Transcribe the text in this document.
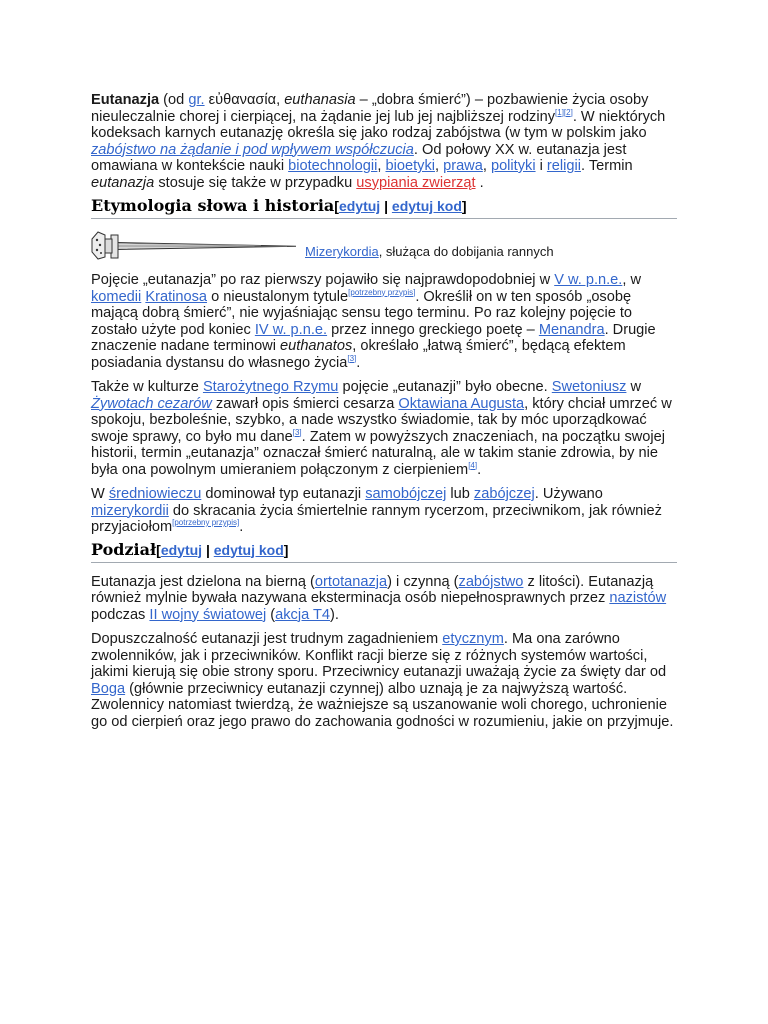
Eutanazja (od gr. εὐθανασία, euthanasia – „dobra śmierć”) – pozbawienie życia osoby nieuleczalnie chorej i cierpiącej, na żądanie jej lub jej najbliższej rodziny[1][2]. W niektórych kodeksach karnych eutanazję określa się jako rodzaj zabójstwa (w tym w polskim jako zabójstwo na żądanie i pod wpływem współczucia. Od połowy XX w. eutanazja jest omawiana w kontekście nauki biotechnologii, bioetyki, prawa, polityki i religii. Termin eutanazja stosuje się także w przypadku usypiania zwierząt .

Etymologia słowa i historia[edytuj | edytuj kod]
Mizerykordia, służąca do dobijania rannych

Pojęcie „eutanazja” po raz pierwszy pojawiło się najprawdopodobniej w V w. p.n.e., w komedii Kratinosa o nieustalonym tytule[potrzebny przypis]. Określił on w ten sposób „osobę mającą dobrą śmierć”, nie wyjaśniając sensu tego terminu. Po raz kolejny pojęcie to zostało użyte pod koniec IV w. p.n.e. przez innego greckiego poetę – Menandra. Drugie znaczenie nadane terminowi euthanatos, określało „łatwą śmierć”, będącą efektem posiadania dystansu do własnego życia[3].

Także w kulturze Starożytnego Rzymu pojęcie „eutanazji” było obecne. Swetoniusz w Żywotach cezarów zawarł opis śmierci cesarza Oktawiana Augusta, który chciał umrzeć w spokoju, bezboleśnie, szybko, a nade wszystko świadomie, tak by móc uporządkować swoje sprawy, co było mu dane[3]. Zatem w powyższych znaczeniach, na początku swojej historii, termin „eutanazja” oznaczał śmierć naturalną, ale w takim stanie zdrowia, by nie była ona powolnym umieraniem połączonym z cierpieniem[4].

W średniowieczu dominował typ eutanazji samobójczej lub zabójczej. Używano mizerykordii do skracania życia śmiertelnie rannym rycerzom, przeciwnikom, jak również przyjaciołom[potrzebny przypis].

Podział[edytuj | edytuj kod]

Eutanazja jest dzielona na bierną (ortotanazja) i czynną (zabójstwo z litości). Eutanazją również mylnie bywała nazywana eksterminacja osób niepełnosprawnych przez nazistów podczas II wojny światowej (akcja T4).

Dopuszczalność eutanazji jest trudnym zagadnieniem etycznym. Ma ona zarówno zwolenników, jak i przeciwników. Konflikt racji bierze się z różnych systemów wartości, jakimi kierują się obie strony sporu. Przeciwnicy eutanazji uważają życie za święty dar od Boga (głównie przeciwnicy eutanazji czynnej) albo uznają je za najwyższą wartość. Zwolennicy natomiast twierdzą, że ważniejsze są uszanowanie woli chorego, uchronienie go od cierpień oraz jego prawo do zachowania godności w rozumieniu, jakie on przyjmuje.
